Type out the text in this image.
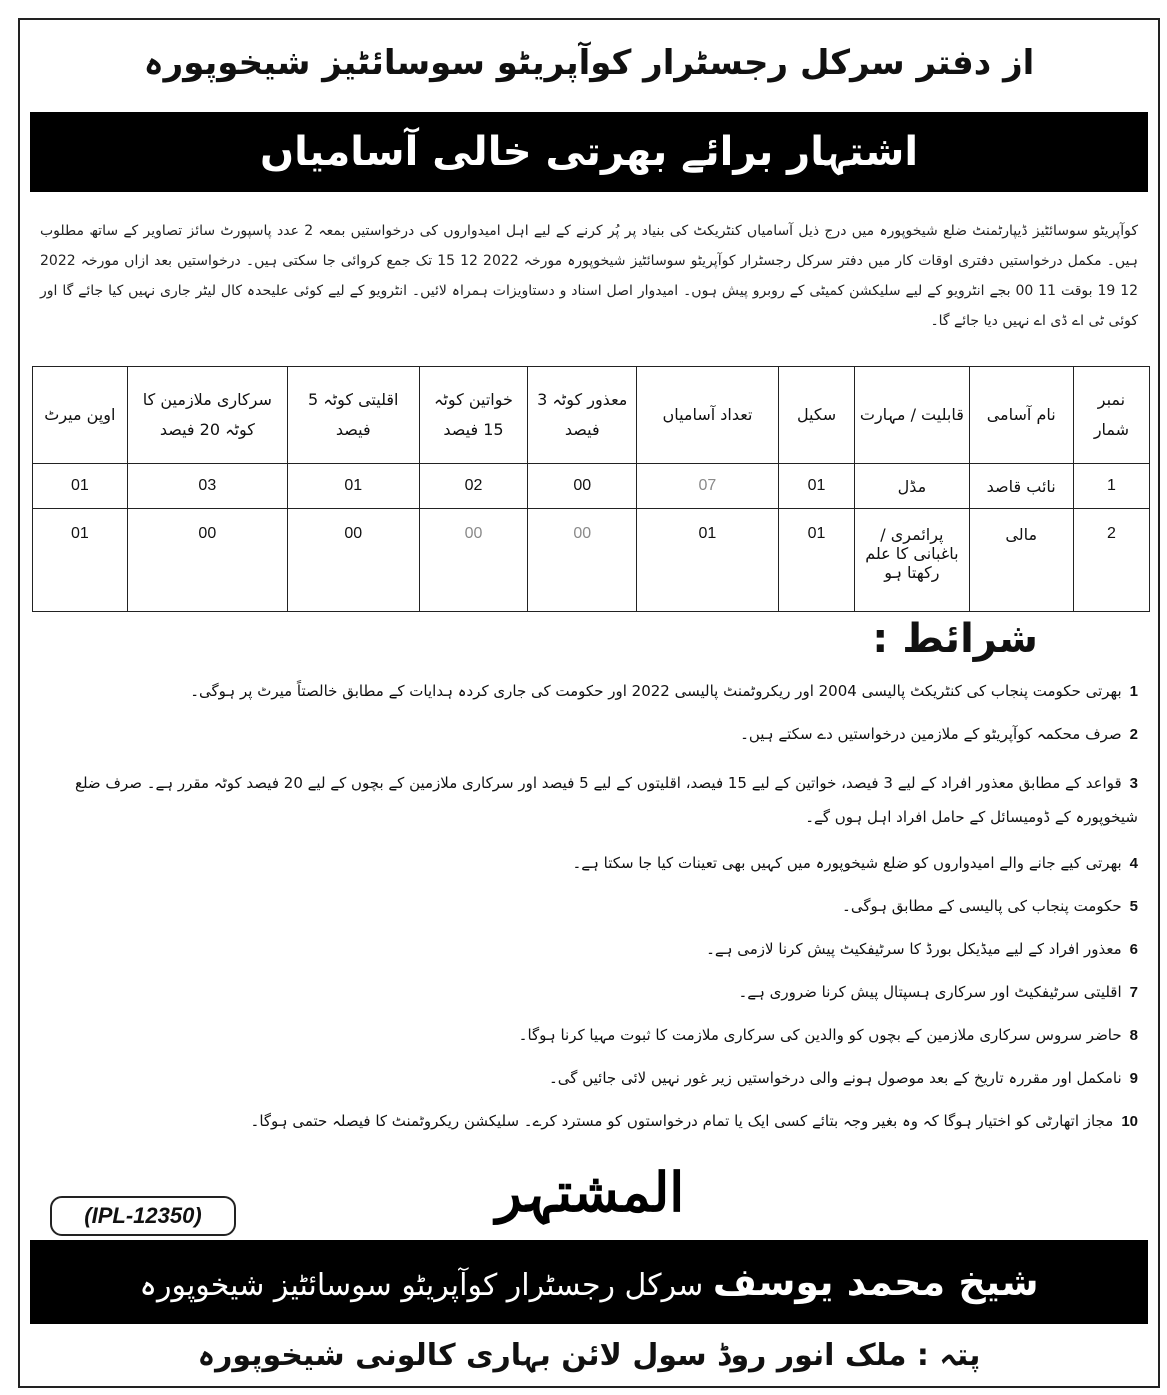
از دفتر سرکل رجسٹرار کوآپریٹو سوسائٹیز شیخوپورہ
اشتہار برائے بھرتی خالی آسامیاں

کوآپریٹو سوسائٹیز ڈیپارٹمنٹ ضلع شیخوپورہ میں درج ذیل آسامیاں کنٹریکٹ کی بنیاد پر پُر کرنے کے لیے اہل امیدواروں کی درخواستیں بمعہ 2 عدد پاسپورٹ سائز تصاویر کے ساتھ مطلوب ہیں۔ مکمل درخواستیں دفتری اوقات کار میں دفتر سرکل رجسٹرار کوآپریٹو سوسائٹیز شیخوپورہ مورخہ 2022 12 15 تک جمع کروائی جا سکتی ہیں۔ درخواستیں بعد ازاں مورخہ 2022 12 19 بوقت 11 00 بجے انٹرویو کے لیے سلیکشن کمیٹی کے روبرو پیش ہوں۔ امیدوار اصل اسناد و دستاویزات ہمراہ لائیں۔ انٹرویو کے لیے کوئی علیحدہ کال لیٹر جاری نہیں کیا جائے گا اور کوئی ٹی اے ڈی اے نہیں دیا جائے گا۔

نمبر شمار	نام آسامی	قابلیت / مہارت	سکیل	تعداد آسامیاں	معذور کوٹہ 3 فیصد	خواتین کوٹہ 15 فیصد	اقلیتی کوٹہ 5 فیصد	سرکاری ملازمین کا کوٹہ 20 فیصد	اوپن میرٹ
1	نائب قاصد	مڈل	01	07	00	02	01	03	01
2	مالی	پرائمری / باغبانی کا علم رکھتا ہو	01	01	00	00	00	00	01
شرائط :
1بھرتی حکومت پنجاب کی کنٹریکٹ پالیسی 2004 اور ریکروٹمنٹ پالیسی 2022 اور حکومت کی جاری کردہ ہدایات کے مطابق خالصتاً میرٹ پر ہوگی۔
2صرف محکمہ کوآپریٹو کے ملازمین درخواستیں دے سکتے ہیں۔
3قواعد کے مطابق معذور افراد کے لیے 3 فیصد، خواتین کے لیے 15 فیصد، اقلیتوں کے لیے 5 فیصد اور سرکاری ملازمین کے بچوں کے لیے 20 فیصد کوٹہ مقرر ہے۔ صرف ضلع شیخوپورہ کے ڈومیسائل کے حامل افراد اہل ہوں گے۔
4بھرتی کیے جانے والے امیدواروں کو ضلع شیخوپورہ میں کہیں بھی تعینات کیا جا سکتا ہے۔
5حکومت پنجاب کی پالیسی کے مطابق ہوگی۔
6معذور افراد کے لیے میڈیکل بورڈ کا سرٹیفکیٹ پیش کرنا لازمی ہے۔
7اقلیتی سرٹیفکیٹ اور سرکاری ہسپتال پیش کرنا ضروری ہے۔
8حاضر سروس سرکاری ملازمین کے بچوں کو والدین کی سرکاری ملازمت کا ثبوت مہیا کرنا ہوگا۔
9نامکمل اور مقررہ تاریخ کے بعد موصول ہونے والی درخواستیں زیر غور نہیں لائی جائیں گی۔
10مجاز اتھارٹی کو اختیار ہوگا کہ وہ بغیر وجہ بتائے کسی ایک یا تمام درخواستوں کو مسترد کرے۔ سلیکشن ریکروٹمنٹ کا فیصلہ حتمی ہوگا۔
المشتہر
(IPL-12350)
شیخ محمد یوسف سرکل رجسٹرار کوآپریٹو سوسائٹیز شیخوپورہ
پتہ : ملک انور روڈ سول لائن بہاری کالونی شیخوپورہ
